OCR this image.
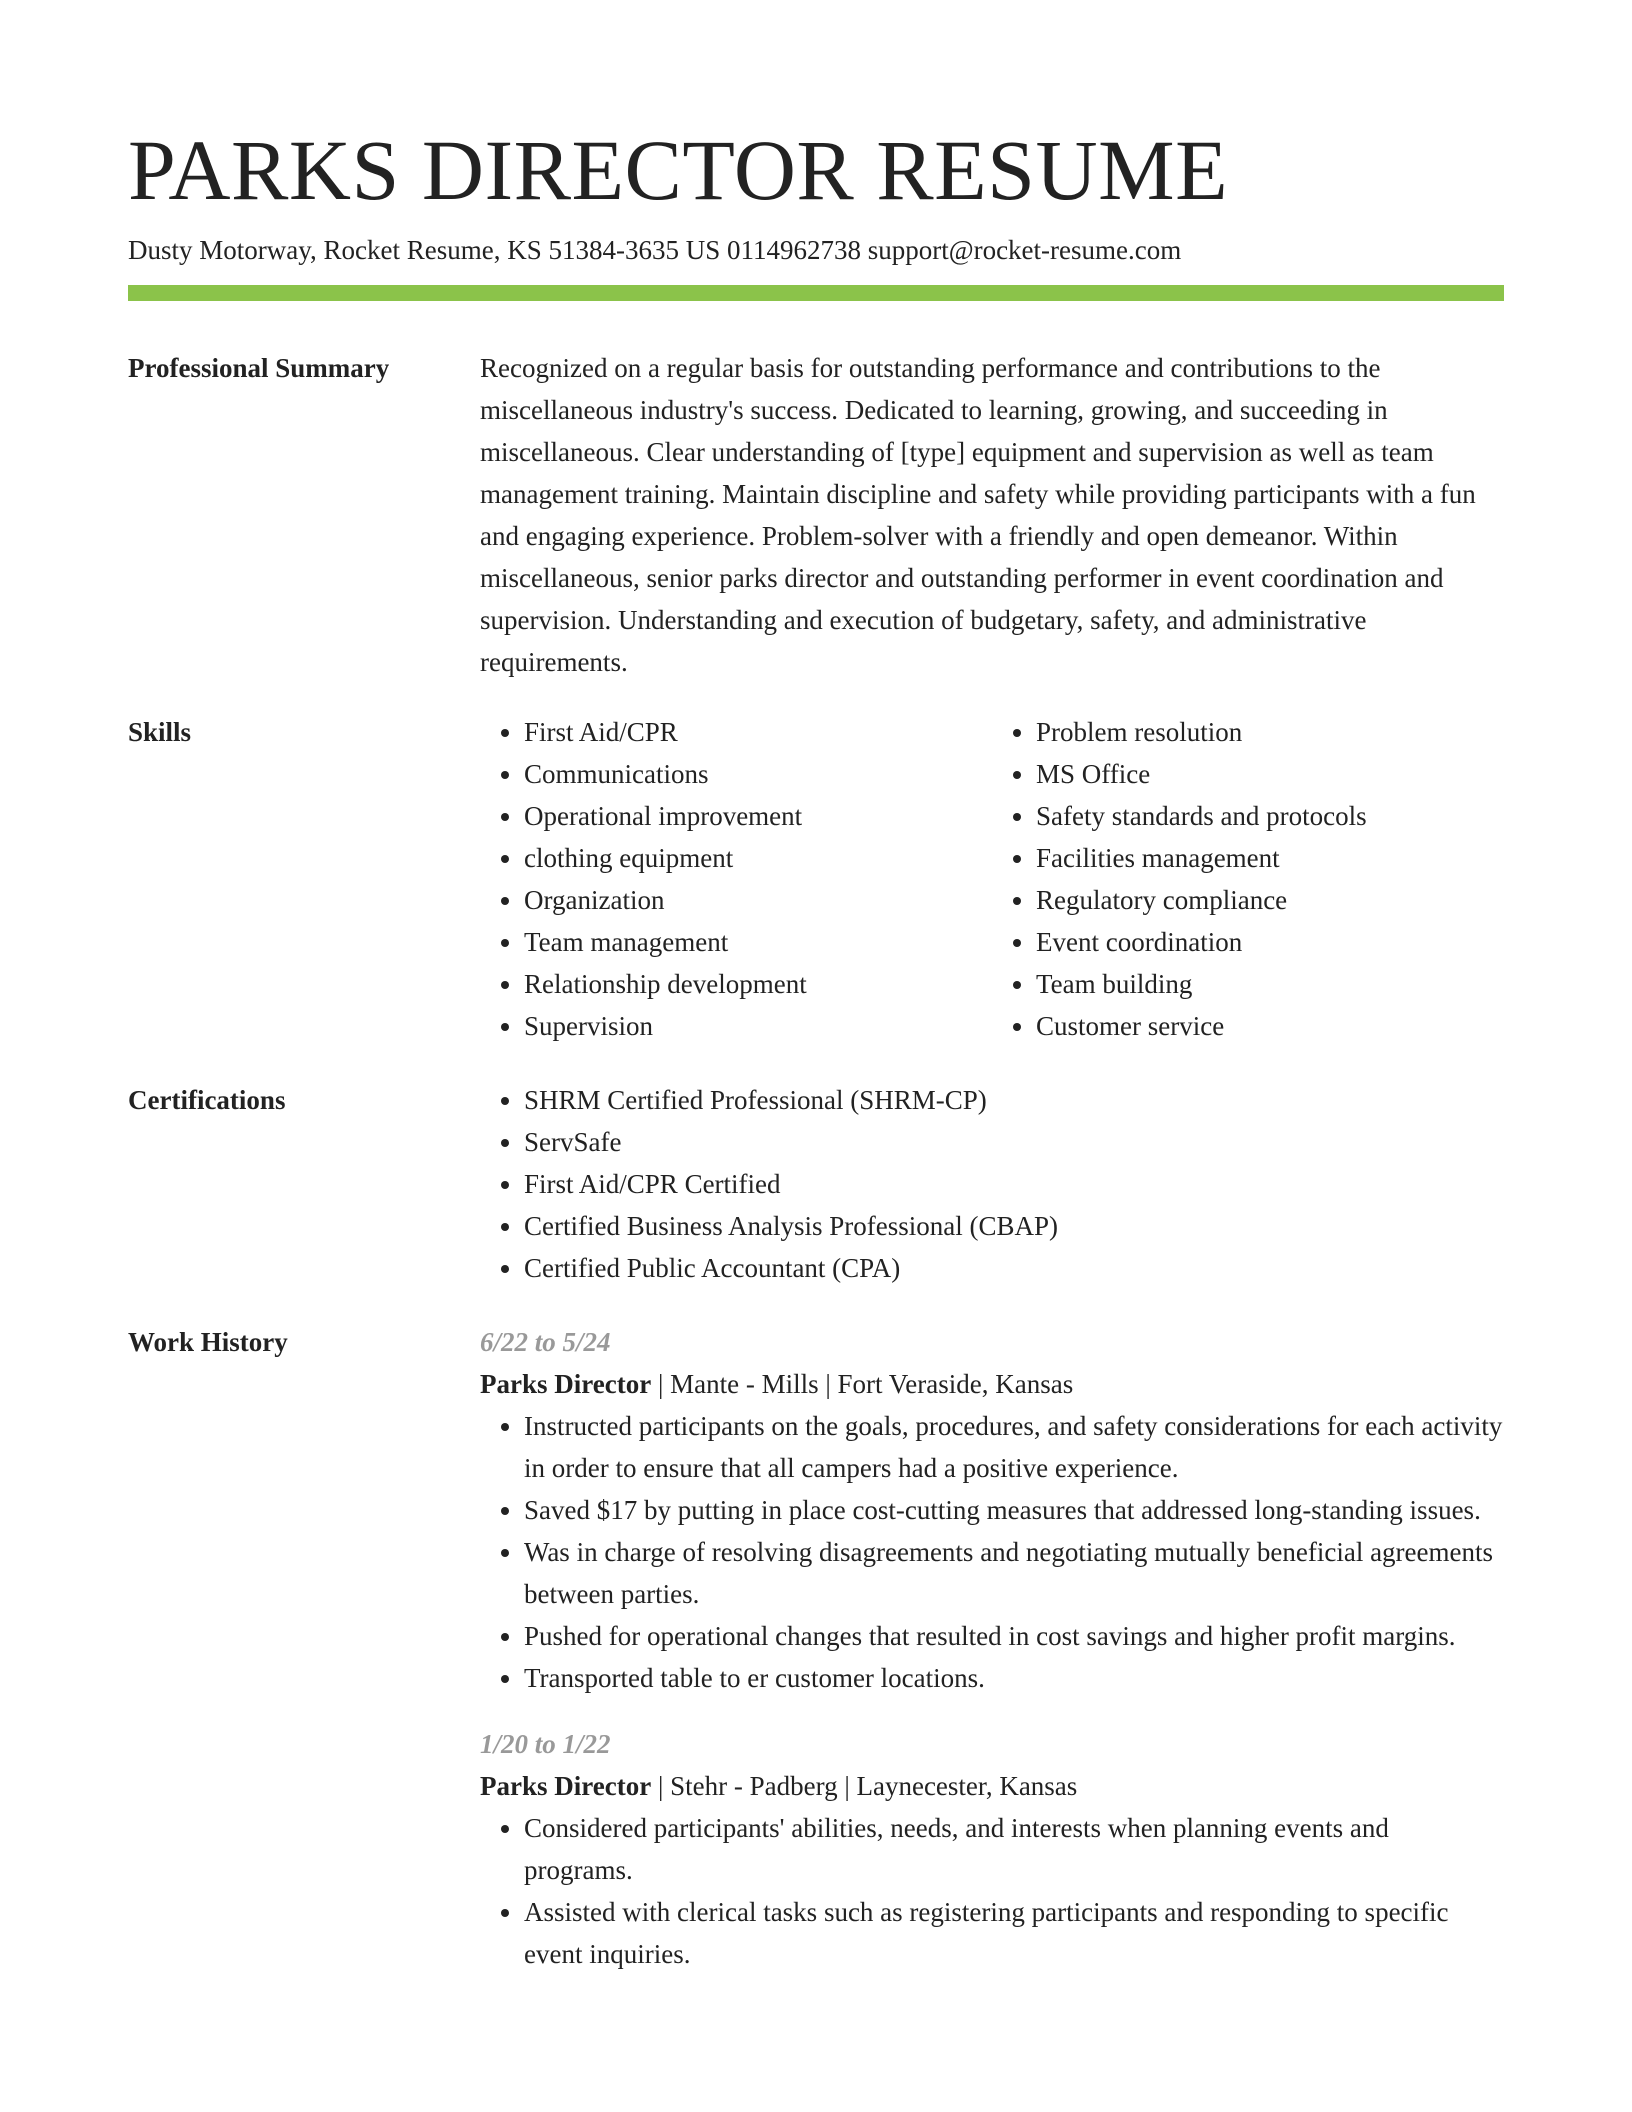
PARKS DIRECTOR RESUME
Dusty Motorway, Rocket Resume, KS 51384-3635 US 0114962738 support@rocket-resume.com
Professional Summary	Recognized on a regular basis for outstanding performance and contributions to the miscellaneous industry's success. Dedicated to learning, growing, and succeeding in miscellaneous. Clear understanding of [type] equipment and supervision as well as team management training. Maintain discipline and safety while providing participants with a fun and engaging experience. Problem-solver with a friendly and open demeanor. Within miscellaneous, senior parks director and outstanding performer in event coordination and supervision. Understanding and execution of budgetary, safety, and administrative requirements.

Skills	• First Aid/CPR
• Communications
• Operational improvement
• clothing equipment
• Organization
• Team management
• Relationship development
• Supervision
• Problem resolution
• MS Office
• Safety standards and protocols
• Facilities management
• Regulatory compliance
• Event coordination
• Team building
• Customer service
Certifications	• SHRM Certified Professional (SHRM-CP)
• ServSafe
• First Aid/CPR Certified
• Certified Business Analysis Professional (CBAP)
• Certified Public Accountant (CPA)
Work History	6/22 to 5/24
Parks Director | Mante - Mills | Fort Veraside, Kansas
• Instructed participants on the goals, procedures, and safety considerations for each activity in order to ensure that all campers had a positive experience.
• Saved $17 by putting in place cost-cutting measures that addressed long-standing issues.
• Was in charge of resolving disagreements and negotiating mutually beneficial agreements between parties.
• Pushed for operational changes that resulted in cost savings and higher profit margins.
• Transported table to er customer locations.
1/20 to 1/22
Parks Director | Stehr - Padberg | Laynecester, Kansas
• Considered participants' abilities, needs, and interests when planning events and programs.
• Assisted with clerical tasks such as registering participants and responding to specific event inquiries.
